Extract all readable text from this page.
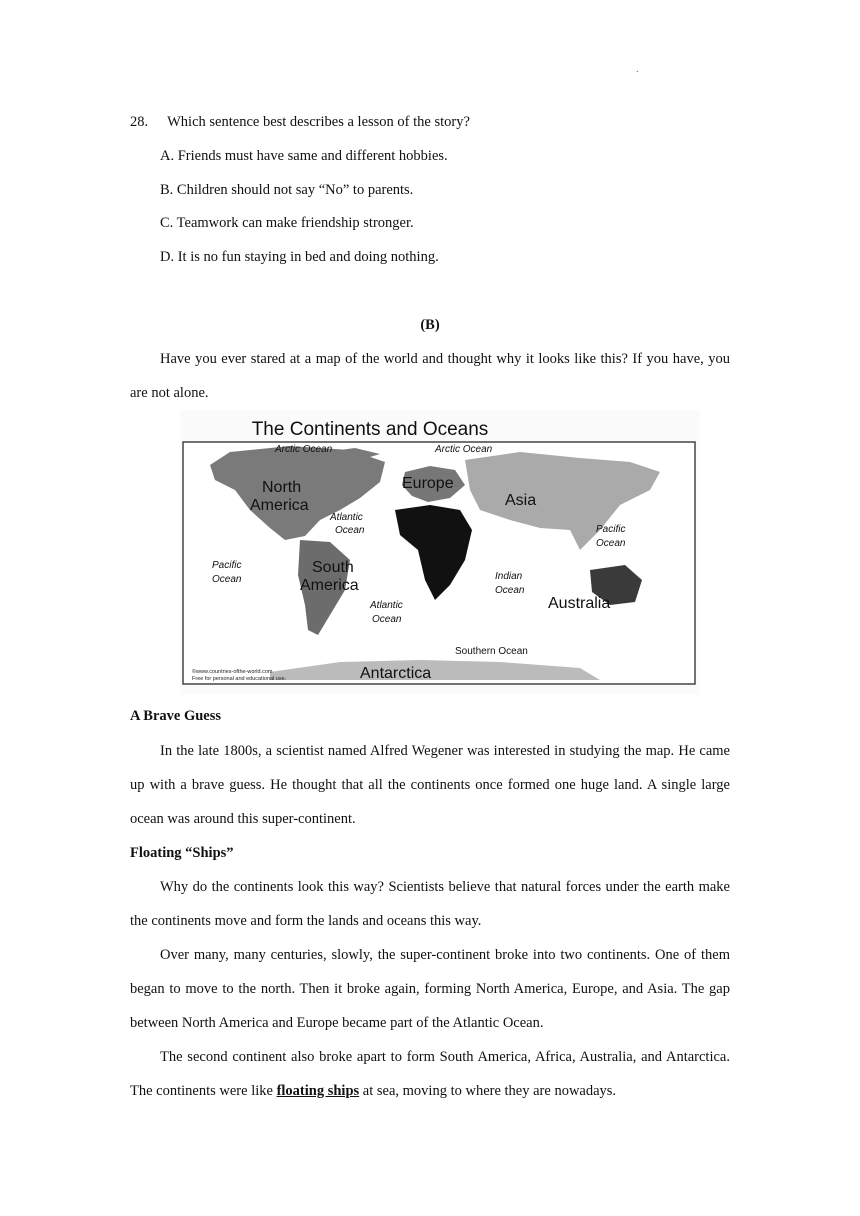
.
28. Which sentence best describes a lesson of the story?
A. Friends must have same and different hobbies.
B. Children should not say “No” to parents.
C. Teamwork can make friendship stronger.
D. It is no fun staying in bed and doing nothing.
(B)
Have you ever stared at a map of the world and thought why it looks like this? If you have, you are not alone.
The Continents and Oceans
Arctic Ocean	Arctic Ocean
Atlantic
Ocean	Pacific
Ocean
Pacific
Ocean	Indian
Ocean
Atlantic
Ocean
Southern Ocean
North
America
Europe
Asia
South
America
Australia
Antarctica
©www.countries-ofthe-world.com
Free for personal and educational use.
A Brave Guess
In the late 1800s, a scientist named Alfred Wegener was interested in studying the map. He came up with a brave guess. He thought that all the continents once formed one huge land. A single large ocean was around this super-continent.
Floating “Ships”
Why do the continents look this way? Scientists believe that natural forces under the earth make the continents move and form the lands and oceans this way.
Over many, many centuries, slowly, the super-continent broke into two continents. One of them began to move to the north. Then it broke again, forming North America, Europe, and Asia. The gap between North America and Europe became part of the Atlantic Ocean.
The second continent also broke apart to form South America, Africa, Australia, and Antarctica. The continents were like floating ships at sea, moving to where they are nowadays.
